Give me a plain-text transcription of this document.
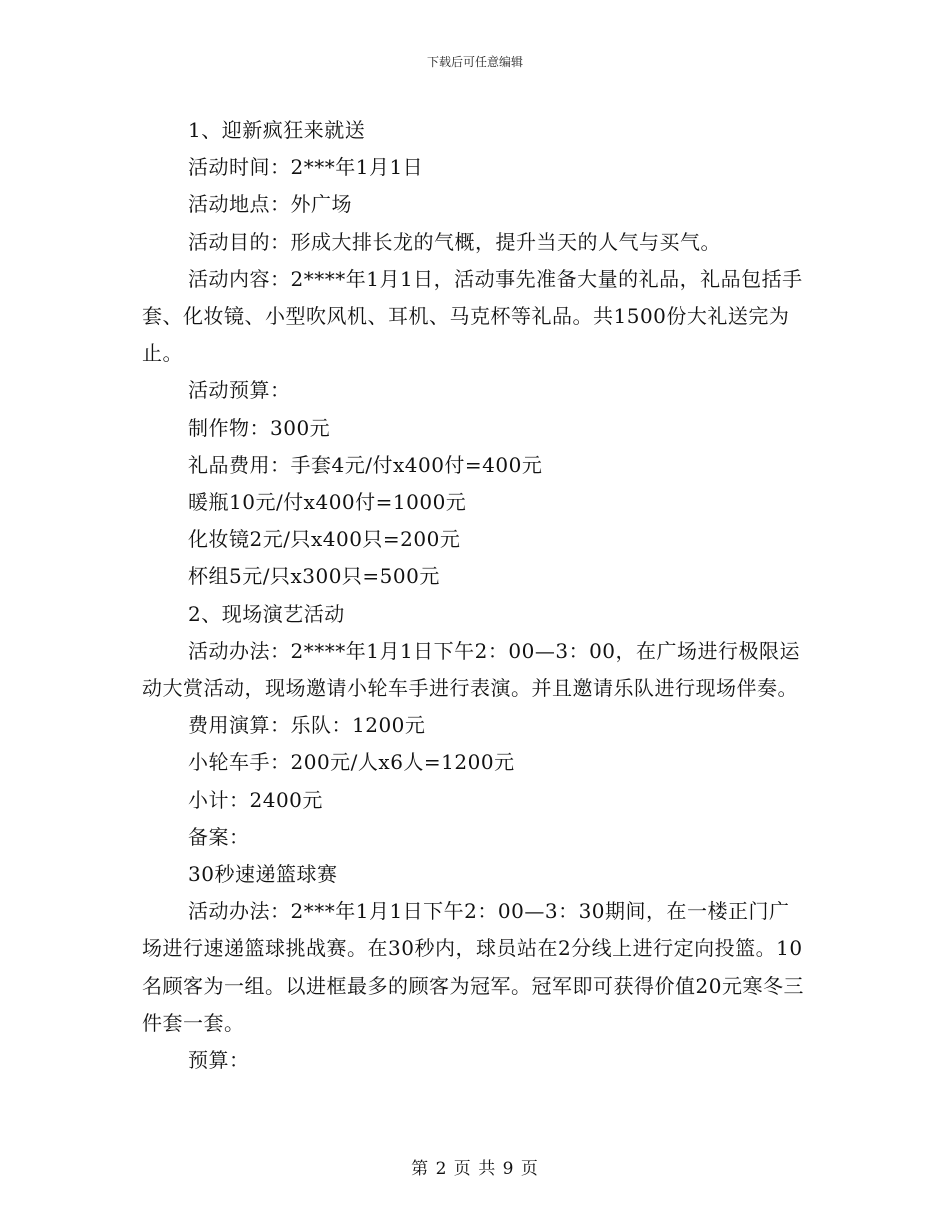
下载后可任意编辑

1、迎新疯狂来就送

活动时间：2***年1月1日

活动地点：外广场

活动目的：形成大排长龙的气概，提升当天的人气与买气。

活动内容：2****年1月1日，活动事先准备大量的礼品，礼品包括手套、化妆镜、小型吹风机、耳机、马克杯等礼品。共1500份大礼送完为止。

活动预算：

制作物：300元

礼品费用：手套4元/付x400付=400元

暖瓶10元/付x400付=1000元

化妆镜2元/只x400只=200元

杯组5元/只x300只=500元

2、现场演艺活动

活动办法：2****年1月1日下午2：00—3：00，在广场进行极限运动大赏活动，现场邀请小轮车手进行表演。并且邀请乐队进行现场伴奏。

费用演算：乐队：1200元

小轮车手：200元/人x6人=1200元

小计：2400元

备案：

30秒速递篮球赛

活动办法：2***年1月1日下午2：00—3：30期间，在一楼正门广场进行速递篮球挑战赛。在30秒内，球员站在2分线上进行定向投篮。10名顾客为一组。以进框最多的顾客为冠军。冠军即可获得价值20元寒冬三件套一套。

预算：

第 2 页 共 9 页
